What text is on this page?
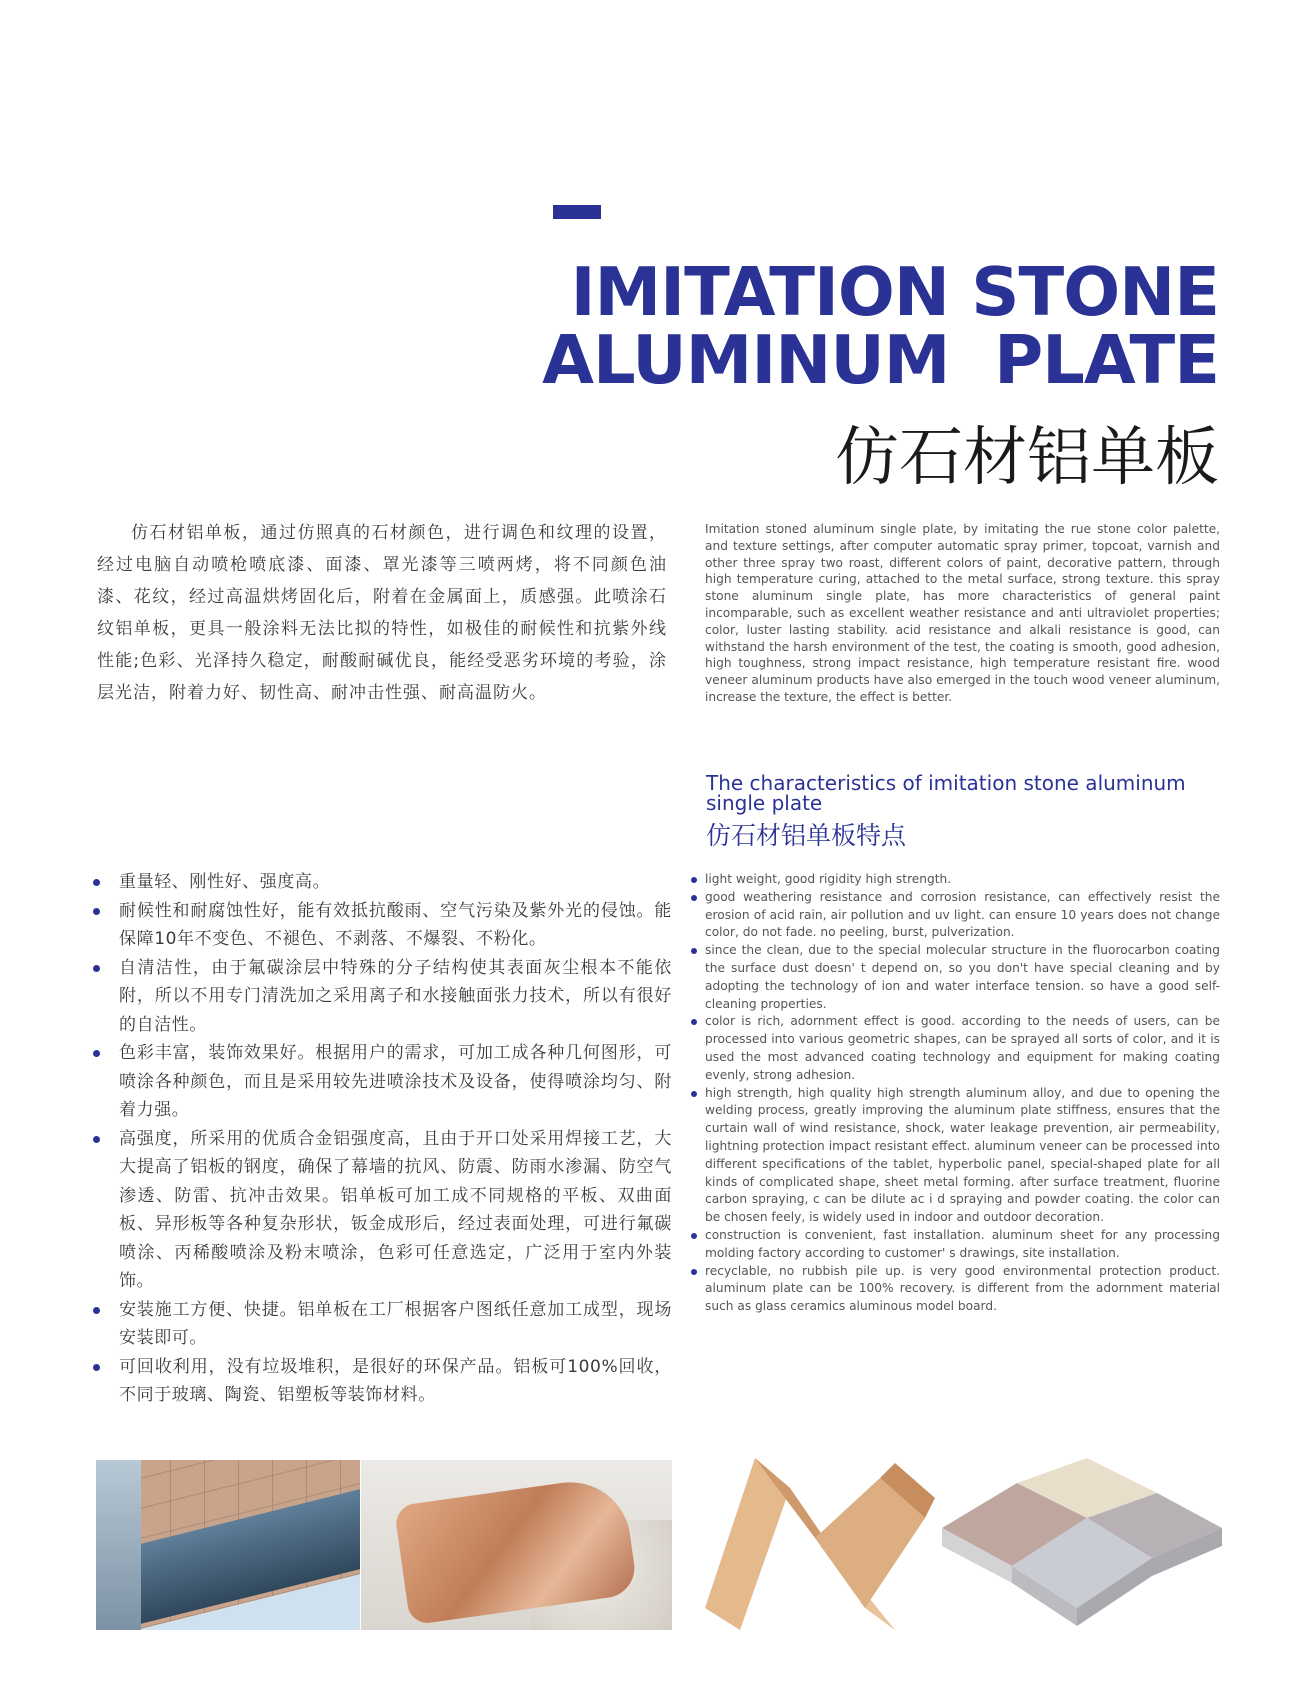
IMITATION STONE
ALUMINUM  PLATE
仿石材铝单板

仿石材铝单板，通过仿照真的石材颜色，进行调色和纹理的设置，经过电脑自动喷枪喷底漆、面漆、罩光漆等三喷两烤，将不同颜色油漆、花纹，经过高温烘烤固化后，附着在金属面上，质感强。此喷涂石纹铝单板，更具一般涂料无法比拟的特性，如极佳的耐候性和抗紫外线性能;色彩、光泽持久稳定，耐酸耐碱优良，能经受恶劣环境的考验，涂层光洁，附着力好、韧性高、耐冲击性强、耐高温防火。

Imitation stoned aluminum single plate, by imitating the rue stone color palette, and texture settings, after computer automatic spray primer, topcoat, varnish and other three spray two roast, different colors of paint, decorative pattern, through high temperature curing, attached to the metal surface, strong texture. this spray stone aluminum single plate, has more characteristics of general paint incomparable, such as excellent weather resistance and anti ultraviolet properties; color, luster lasting stability. acid resistance and alkali resistance is good, can withstand the harsh environment of the test, the coating is smooth, good adhesion, high toughness, strong impact resistance, high temperature resistant fire. wood veneer aluminum products have also emerged in the touch wood veneer aluminum, increase the texture, the effect is better.

The characteristics of imitation stone aluminum single plate
仿石材铝单板特点
重量轻、刚性好、强度高。
耐候性和耐腐蚀性好，能有效抵抗酸雨、空气污染及紫外光的侵蚀。能保障10年不变色、不褪色、不剥落、不爆裂、不粉化。
自清洁性，由于氟碳涂层中特殊的分子结构使其表面灰尘根本不能依附，所以不用专门清洗加之采用离子和水接触面张力技术，所以有很好的自洁性。
色彩丰富，装饰效果好。根据用户的需求，可加工成各种几何图形，可喷涂各种颜色，而且是采用较先进喷涂技术及设备，使得喷涂均匀、附着力强。
高强度，所采用的优质合金铝强度高，且由于开口处采用焊接工艺，大大提高了铝板的钢度，确保了幕墙的抗风、防震、防雨水渗漏、防空气渗透、防雷、抗冲击效果。铝单板可加工成不同规格的平板、双曲面板、异形板等各种复杂形状，钣金成形后，经过表面处理，可进行氟碳喷涂、丙稀酸喷涂及粉末喷涂，色彩可任意选定，广泛用于室内外装饰。
安装施工方便、快捷。铝单板在工厂根据客户图纸任意加工成型，现场安装即可。
可回收利用，没有垃圾堆积，是很好的环保产品。铝板可100%回收，不同于玻璃、陶瓷、铝塑板等装饰材料。
light weight, good rigidity high strength.
good weathering resistance and corrosion resistance, can effectively resist the erosion of acid rain, air pollution and uv light. can ensure 10 years does not change color, do not fade. no peeling, burst, pulverization.
since the clean, due to the special molecular structure in the fluorocarbon coating the surface dust doesn' t depend on, so you don't have special cleaning and by adopting the technology of ion and water interface tension. so have a good self-cleaning properties.
color is rich, adornment effect is good. according to the needs of users, can be processed into various geometric shapes, can be sprayed all sorts of color, and it is used the most advanced coating technology and equipment for making coating evenly, strong adhesion.
high strength, high quality high strength aluminum alloy, and due to opening the welding process, greatly improving the aluminum plate stiffness, ensures that the curtain wall of wind resistance, shock, water leakage prevention, air permeability, lightning protection impact resistant effect. aluminum veneer can be processed into different specifications of the tablet, hyperbolic panel, special-shaped plate for all kinds of complicated shape, sheet metal forming. after surface treatment, fluorine carbon spraying, c can be dilute ac i d spraying and powder coating. the color can be chosen feely, is widely used in indoor and outdoor decoration.
construction is convenient, fast installation. aluminum sheet for any processing molding factory according to customer' s drawings, site installation.
recyclable, no rubbish pile up. is very good environmental protection product. aluminum plate can be 100% recovery. is different from the adornment material such as glass ceramics aluminous model board.
